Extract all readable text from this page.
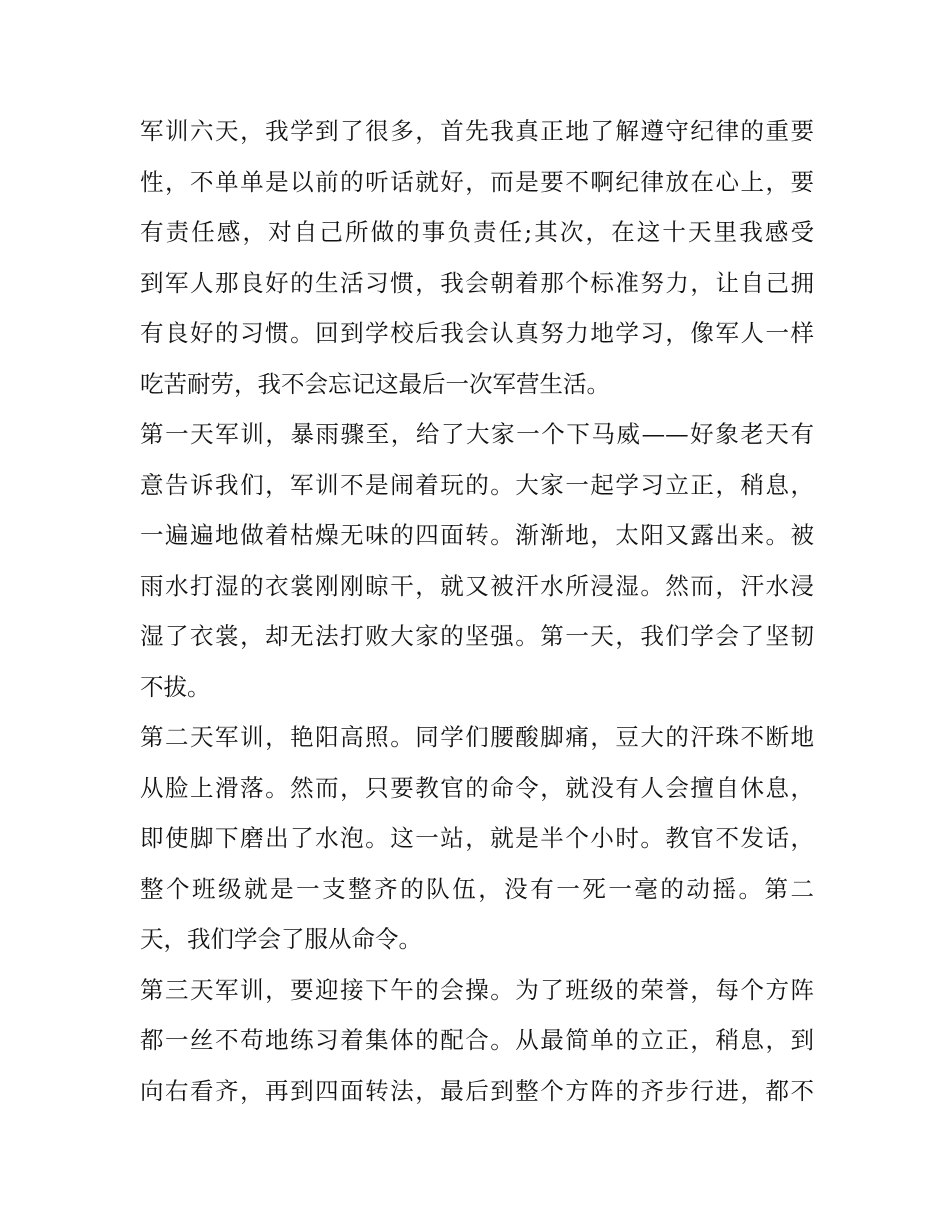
军训六天，我学到了很多，首先我真正地了解遵守纪律的重要
性，不单单是以前的听话就好，而是要不啊纪律放在心上，要
有责任感，对自己所做的事负责任;其次，在这十天里我感受
到军人那良好的生活习惯，我会朝着那个标准努力，让自己拥
有良好的习惯。回到学校后我会认真努力地学习，像军人一样
吃苦耐劳，我不会忘记这最后一次军营生活。
第一天军训，暴雨骤至，给了大家一个下马威——好象老天有
意告诉我们，军训不是闹着玩的。大家一起学习立正，稍息，
一遍遍地做着枯燥无味的四面转。渐渐地，太阳又露出来。被
雨水打湿的衣裳刚刚晾干，就又被汗水所浸湿。然而，汗水浸
湿了衣裳，却无法打败大家的坚强。第一天，我们学会了坚韧
不拔。
第二天军训，艳阳高照。同学们腰酸脚痛，豆大的汗珠不断地
从脸上滑落。然而，只要教官的命令，就没有人会擅自休息，
即使脚下磨出了水泡。这一站，就是半个小时。教官不发话，
整个班级就是一支整齐的队伍，没有一死一毫的动摇。第二
天，我们学会了服从命令。
第三天军训，要迎接下午的会操。为了班级的荣誉，每个方阵
都一丝不苟地练习着集体的配合。从最简单的立正，稍息，到
向右看齐，再到四面转法，最后到整个方阵的齐步行进，都不
